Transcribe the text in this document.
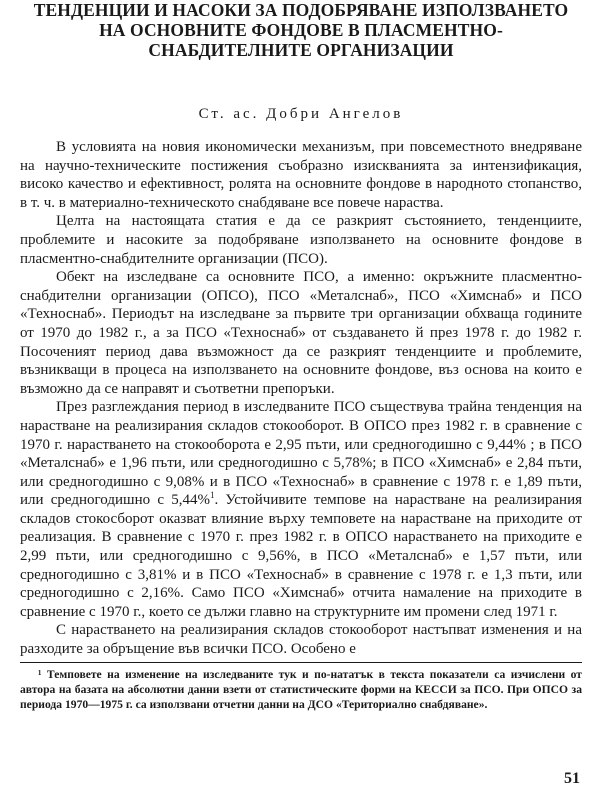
ТЕНДЕНЦИИ И НАСОКИ ЗА ПОДОБРЯВАНЕ ИЗПОЛЗВАНЕТО НА ОСНОВНИТЕ ФОНДОВЕ В ПЛАСМЕНТНО-СНАБДИТЕЛНИТЕ ОРГАНИЗАЦИИ
Ст. ас. Добри Ангелов

В условията на новия икономически механизъм, при повсеместното внедряване на научно-техническите постижения съобразно изискванията за интензификация, високо качество и ефективност, ролята на основните фондове в народното стопанство, в т. ч. в материално-техническото снабдяване все повече нараства.

Целта на настоящата статия е да се разкрият състоянието, тенденциите, проблемите и насоките за подобряване използването на основните фондове в пласментно-снабдителните организации (ПСО).

Обект на изследване са основните ПСО, а именно: окръжните пласментно-снабдителни организации (ОПСО), ПСО «Металснаб», ПСО «Химснаб» и ПСО «Техноснаб». Периодът на изследване за първите три организации обхваща годините от 1970 до 1982 г., а за ПСО «Техноснаб» от създаването й през 1978 г. до 1982 г. Посоченият период дава възможност да се разкрият тенденциите и проблемите, възникващи в процеса на използването на основните фондове, въз основа на които е възможно да се направят и съответни препоръки.

През разглеждания период в изследваните ПСО съществува трайна тенденция на нарастване на реализирания складов стокооборот. В ОПСО през 1982 г. в сравнение с 1970 г. нарастването на стокооборота е 2,95 пъти, или средногодишно с 9,44% ; в ПСО «Металснаб» е 1,96 пъти, или средногодишно с 5,78%; в ПСО «Химснаб» е 2,84 пъти, или средногодишно с 9,08% и в ПСО «Техноснаб» в сравнение с 1978 г. е 1,89 пъти, или средногодишно с 5,44%$^1$. Устойчивите темпове на нарастване на реализирания складов стокосборот оказват влияние върху темповете на нарастване на приходите от реализация. В сравнение с 1970 г. през 1982 г. в ОПСО нарастването на приходите е 2,99 пъти, или средногодишно с 9,56%, в ПСО «Металснаб» е 1,57 пъти, или средногодишно с 3,81% и в ПСО «Техноснаб» в сравнение с 1978 г. е 1,3 пъти, или средногодишно с 2,16%. Само ПСО «Химснаб» отчита намаление на приходите в сравнение с 1970 г., което се дължи главно на структурните им промени след 1971 г.

С нарастването на реализирания складов стокооборот настъпват изменения и на разходите за обръщение във всички ПСО. Особено е

¹ Темповете на изменение на изследваните тук и по-нататък в текста показатели са изчислени от автора на базата на абсолютни данни взети от статистическите форми на КЕССИ за ПСО. При ОПСО за периода 1970—1975 г. са използвани отчетни данни на ДСО «Териториално снабдяване».

51
